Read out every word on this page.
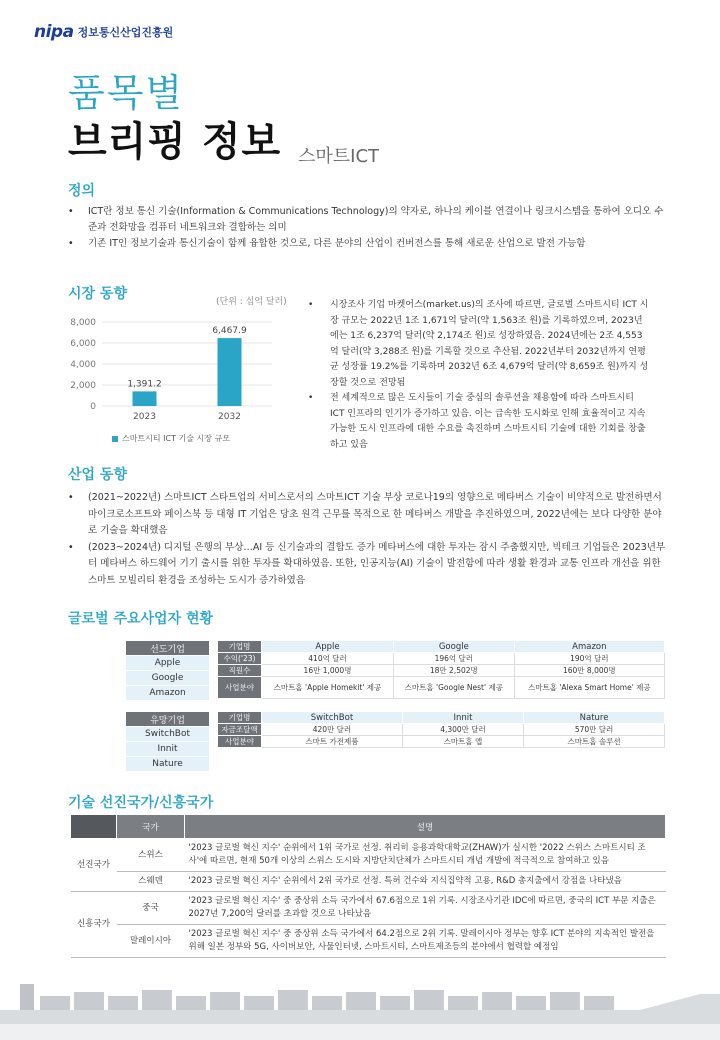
nipa 정보통신산업진흥원
품목별
브리핑 정보 스마트ICT
정의
• ICT란 정보 통신 기술(Information & Communications Technology)의 약자로, 하나의 케이블 연결이나 링크시스템을 통하여 오디오 수준과 전화망을 컴퓨터 네트워크와 결합하는 의미
• 기존 IT인 정보기술과 통신기술이 함께 융합한 것으로, 다른 분야의 산업이 컨버전스를 통해 새로운 산업으로 발전 가능함
시장 동향	(단위 : 십억 달러)
0
2,000
4,000
6,000
8,000
1,391.2
2023
6,467.9
2032
스마트시티 ICT 기술 시장 규모
• 시장조사 기업 마켓어스(market.us)의 조사에 따르면, 글로벌 스마트시티 ICT 시장 규모는 2022년 1조 1,671억 달러(약 1,563조 원)를 기록하였으며, 2023년에는 1조 6,237억 달러(약 2,174조 원)로 성장하였음. 2024년에는 2조 4,553억 달러(약 3,288조 원)를 기록할 것으로 추산됨. 2022년부터 2032년까지 연평균 성장률 19.2%를 기록하며 2032년 6조 4,679억 달러(약 8,659조 원)까지 성장할 것으로 전망됨
• 전 세계적으로 많은 도시들이 기술 중심의 솔루션을 채용함에 따라 스마트시티 ICT 인프라의 인기가 증가하고 있음. 이는 급속한 도시화로 인해 효율적이고 지속 가능한 도시 인프라에 대한 수요를 촉진하며 스마트시티 기술에 대한 기회를 창출하고 있음
산업 동향
• (2021~2022년) 스마트ICT 스타트업의 서비스로서의 스마트ICT 기술 부상 코로나19의 영향으로 메타버스 기술이 비약적으로 발전하면서 마이크로소프트와 페이스북 등 대형 IT 기업은 당초 원격 근무를 목적으로 한 메타버스 개발을 추진하였으며, 2022년에는 보다 다양한 분야로 기술을 확대했음
• (2023~2024년) 디지털 은행의 부상…AI 등 신기술과의 결합도 증가 메타버스에 대한 투자는 잠시 주춤했지만, 빅테크 기업들은 2023년부터 메타버스 하드웨어 기기 출시를 위한 투자를 확대하였음. 또한, 인공지능(AI) 기술이 발전함에 따라 생활 환경과 교통 인프라 개선을 위한 스마트 모빌리티 환경을 조성하는 도시가 증가하였음
글로벌 주요사업자 현황
선도기업
Apple
Google
Amazon
유망기업
SwitchBot
Innit
Nature
기업명	Apple	Google	Amazon
수익('23)	410억 달러	196억 달러	190억 달러
직원수	16만 1,000명	18만 2,502명	160만 8,000명
사업분야	스마트홈 'Apple Homekit' 제공	스마트홈 'Google Nest' 제공	스마트홈 'Alexa Smart Home' 제공
기업명	SwitchBot	Innit	Nature
자금조달액	420만 달러	4,300만 달러	570만 달러
사업분야	스마트 가전제품	스마트홈 앱	스마트홈 솔루션
기술 선진국가/신흥국가
	국가	설명
선진국가	스위스	'2023 글로벌 혁신 지수' 순위에서 1위 국가로 선정. 취리히 응용과학대학교(ZHAW)가 실시한 '2022 스위스 스마트시티 조사'에 따르면, 현재 50개 이상의 스위스 도시와 지방단치단체가 스마트시티 개념 개발에 적극적으로 참여하고 있음
	스웨덴	'2023 글로벌 혁신 지수' 순위에서 2위 국가로 선정. 특허 건수와 지식집약적 고용, R&D 총지출에서 강점을 나타냈음
신흥국가	중국	'2023 글로벌 혁신 지수' 중 중상위 소득 국가에서 67.6점으로 1위 기록. 시장조사기관 IDC에 따르면, 중국의 ICT 부문 지출은 2027년 7,200억 달러를 초과할 것으로 나타났음
	말레이시아	'2023 글로벌 혁신 지수' 중 중상위 소득 국가에서 64.2점으로 2위 기록. 말레이시아 정부는 향후 ICT 분야의 지속적인 발전을 위해 일본 정부와 5G, 사이버보안, 사물인터넷, 스마트시티, 스마트제조등의 분야에서 협력할 예정임
